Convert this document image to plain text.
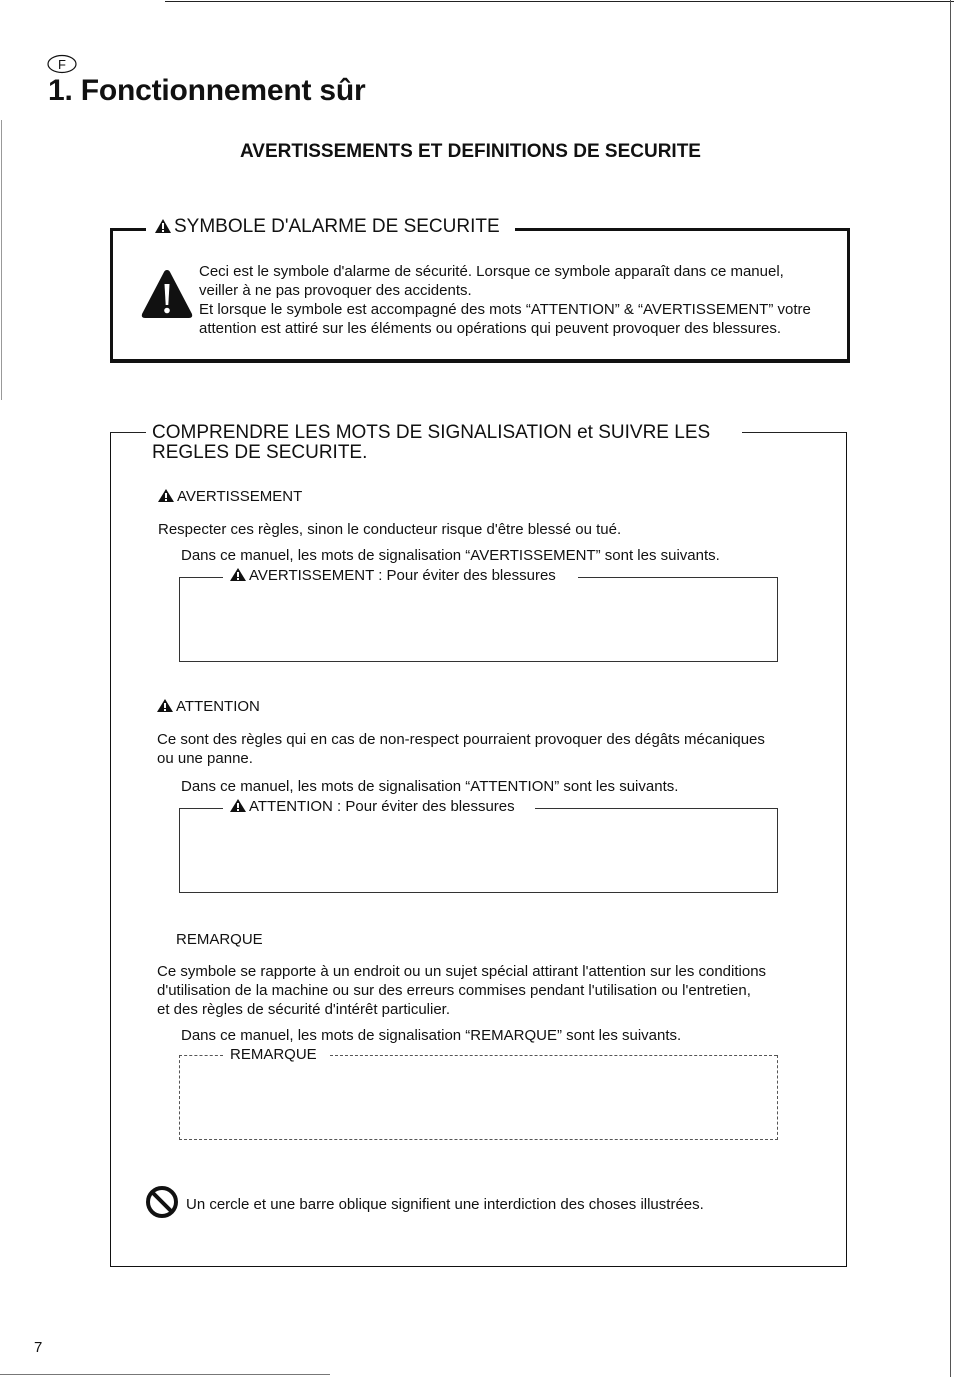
F
1. Fonctionnement sûr
AVERTISSEMENTS ET DEFINITIONS DE SECURITE
SYMBOLE D'ALARME DE SECURITE
Ceci est le symbole d'alarme de sécurité. Lorsque ce symbole apparaît dans ce manuel,
veiller à ne pas provoquer des accidents.
Et lorsque le symbole est accompagné des mots “ATTENTION” & “AVERTISSEMENT” votre
attention est attiré sur les éléments ou opérations qui peuvent provoquer des blessures.
COMPRENDRE LES MOTS DE SIGNALISATION et SUIVRE LES
REGLES DE SECURITE.
AVERTISSEMENT
Respecter ces règles, sinon le conducteur risque d'être blessé ou tué.
Dans ce manuel, les mots de signalisation “AVERTISSEMENT” sont les suivants.
AVERTISSEMENT : Pour éviter des blessures
ATTENTION
Ce sont des règles qui en cas de non-respect pourraient provoquer des dégâts mécaniques
ou une panne.
Dans ce manuel, les mots de signalisation “ATTENTION” sont les suivants.
ATTENTION : Pour éviter des blessures
REMARQUE
Ce symbole se rapporte à un endroit ou un sujet spécial attirant l'attention sur les conditions
d'utilisation de la machine ou sur des erreurs commises pendant l'utilisation ou l'entretien,
et des règles de sécurité d'intérêt particulier.
Dans ce manuel, les mots de signalisation “REMARQUE” sont les suivants.
REMARQUE
Un cercle et une barre oblique signifient une interdiction des choses illustrées.
7
